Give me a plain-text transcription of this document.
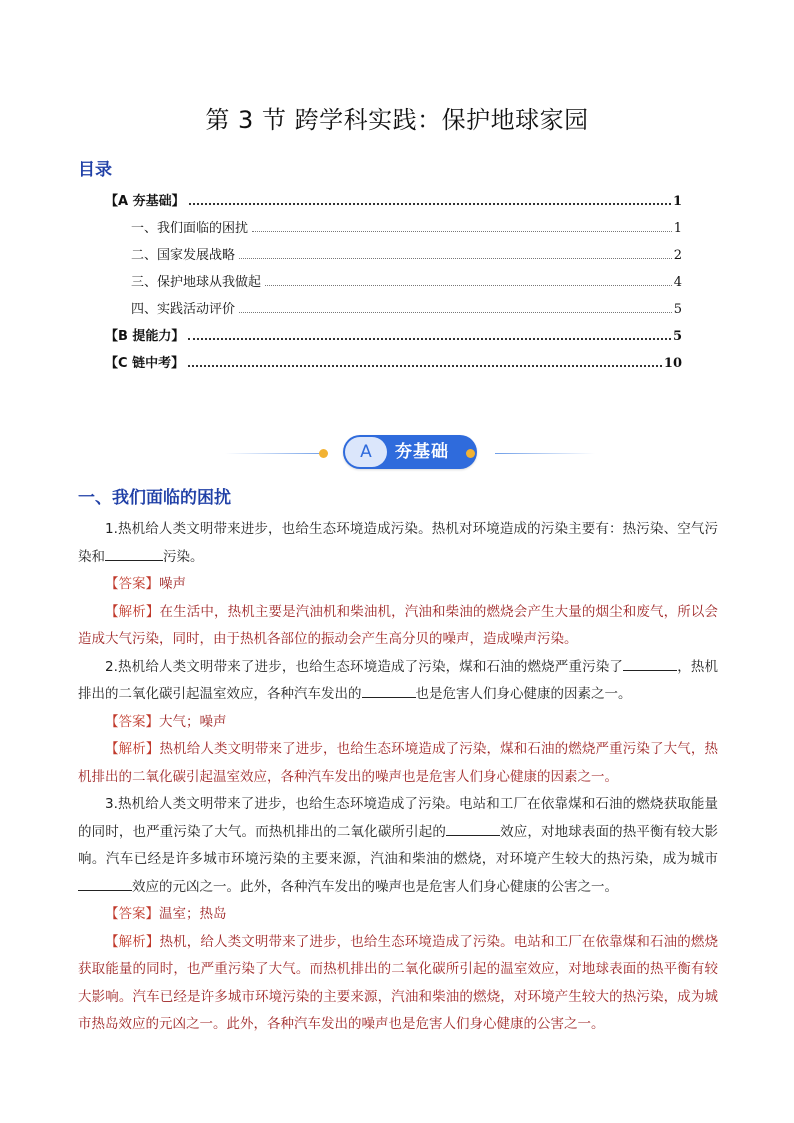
第 3 节 跨学科实践：保护地球家园
目录
【A 夯基础】	1
一、我们面临的困扰	1
二、国家发展战略	2
三、保护地球从我做起	4
四、实践活动评价	5
【B 提能力】	5
【C 链中考】	10
A	夯基础
一、我们面临的困扰

1.热机给人类文明带来进步，也给生态环境造成污染。热机对环境造成的污染主要有：热污染、空气污染和	污染。

【答案】噪声

【解析】在生活中，热机主要是汽油机和柴油机，汽油和柴油的燃烧会产生大量的烟尘和废气，所以会造成大气污染，同时，由于热机各部位的振动会产生高分贝的噪声，造成噪声污染。

2.热机给人类文明带来了进步，也给生态环境造成了污染，煤和石油的燃烧严重污染了	，热机排出的二氧化碳引起温室效应，各种汽车发出的	也是危害人们身心健康的因素之一。

【答案】大气；噪声

【解析】热机给人类文明带来了进步，也给生态环境造成了污染，煤和石油的燃烧严重污染了大气，热机排出的二氧化碳引起温室效应，各种汽车发出的噪声也是危害人们身心健康的因素之一。

3.热机给人类文明带来了进步，也给生态环境造成了污染。电站和工厂在依靠煤和石油的燃烧获取能量的同时，也严重污染了大气。而热机排出的二氧化碳所引起的	效应，对地球表面的热平衡有较大影响。汽车已经是许多城市环境污染的主要来源，汽油和柴油的燃烧，对环境产生较大的热污染，成为城市效应的元凶之一。此外，各种汽车发出的噪声也是危害人们身心健康的公害之一。

【答案】温室；热岛

【解析】热机，给人类文明带来了进步，也给生态环境造成了污染。电站和工厂在依靠煤和石油的燃烧获取能量的同时，也严重污染了大气。而热机排出的二氧化碳所引起的温室效应，对地球表面的热平衡有较大影响。汽车已经是许多城市环境污染的主要来源，汽油和柴油的燃烧，对环境产生较大的热污染，成为城市热岛效应的元凶之一。此外，各种汽车发出的噪声也是危害人们身心健康的公害之一。
